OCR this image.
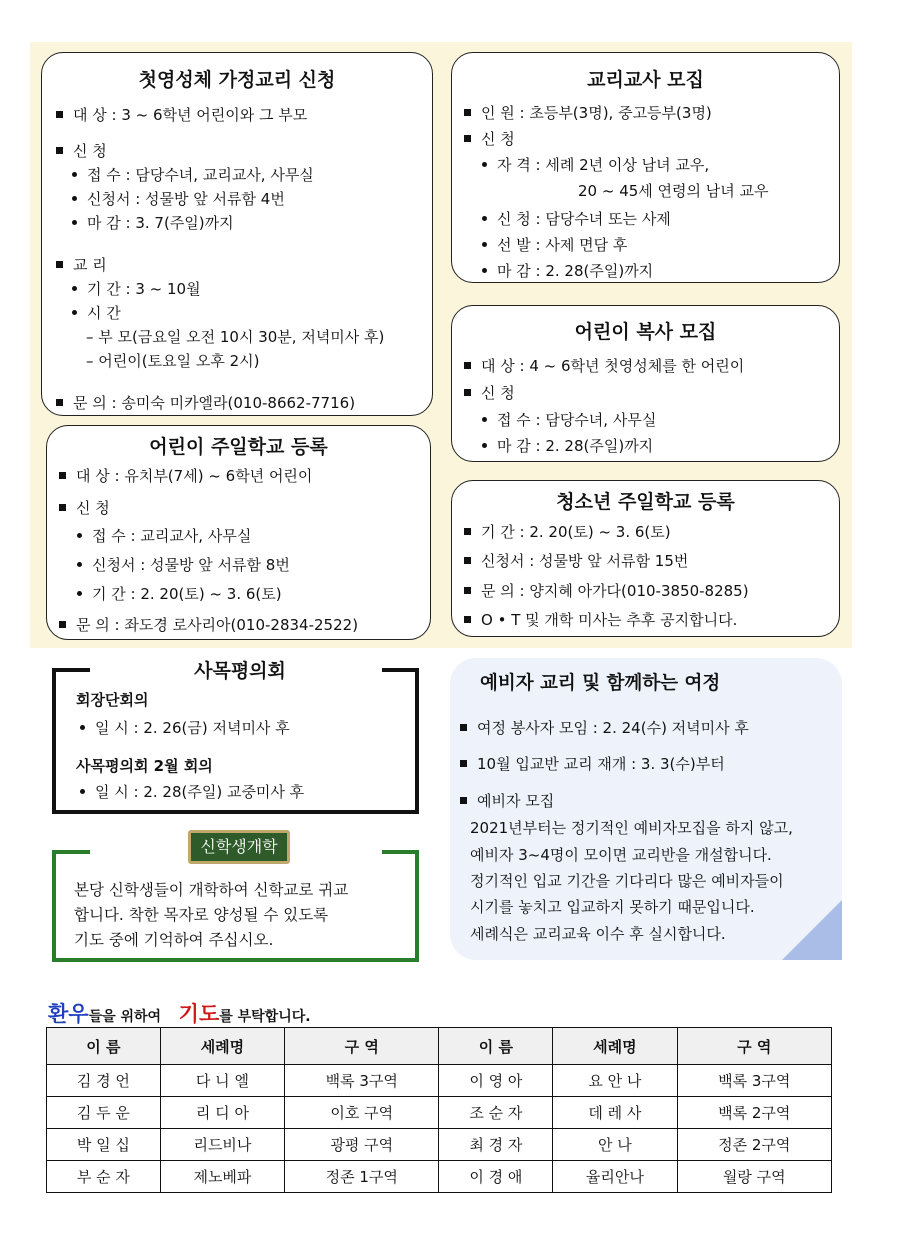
첫영성체 가정교리 신청
대 상 : 3 ~ 6학년 어린이와 그 부모
신 청
접 수 : 담당수녀, 교리교사, 사무실
신청서 : 성물방 앞 서류함 4번
마 감 : 3. 7(주일)까지
교 리
기 간 : 3 ~ 10월
시 간
– 부 모(금요일 오전 10시 30분, 저녁미사 후)
– 어린이(토요일 오후 2시)
문 의 : 송미숙 미카엘라(010-8662-7716)
교리교사 모집
인 원 : 초등부(3명), 중고등부(3명)
신 청
자 격 : 세례 2년 이상 남녀 교우,
20 ~ 45세 연령의 남녀 교우
신 청 : 담당수녀 또는 사제
선 발 : 사제 면담 후
마 감 : 2. 28(주일)까지
어린이 복사 모집
대 상 : 4 ~ 6학년 첫영성체를 한 어린이
신 청
접 수 : 담당수녀, 사무실
마 감 : 2. 28(주일)까지
어린이 주일학교 등록
대 상 : 유치부(7세) ~ 6학년 어린이
신 청
접 수 : 교리교사, 사무실
신청서 : 성물방 앞 서류함 8번
기 간 : 2. 20(토) ~ 3. 6(토)
문 의 : 좌도경 로사리아(010-2834-2522)
청소년 주일학교 등록
기 간 : 2. 20(토) ~ 3. 6(토)
신청서 : 성물방 앞 서류함 15번
문 의 : 양지혜 아가다(010-3850-8285)
O • T 및 개학 미사는 추후 공지합니다.
사목평의회
회장단회의
일 시 : 2. 26(금) 저녁미사 후
사목평의회 2월 회의
일 시 : 2. 28(주일) 교중미사 후
신학생개학
본당 신학생들이 개학하여 신학교로 귀교
합니다. 착한 목자로 양성될 수 있도록
기도 중에 기억하여 주십시오.
예비자 교리 및 함께하는 여정
여정 봉사자 모임 : 2. 24(수) 저녁미사 후
10월 입교반 교리 재개 : 3. 3(수)부터
예비자 모집
2021년부터는 정기적인 예비자모집을 하지 않고,
예비자 3~4명이 모이면 교리반을 개설합니다.
정기적인 입교 기간을 기다리다 많은 예비자들이
시기를 놓치고 입교하지 못하기 때문입니다.
세례식은 교리교육 이수 후 실시합니다.
환우들을 위하여 기도를 부탁합니다.
이 름	세례명	구 역	이 름	세례명	구 역
김 경 언	다 니 엘	백록 3구역	이 영 아	요 안 나	백록 3구역
김 두 운	리 디 아	이호 구역	조 순 자	데 레 사	백록 2구역
박 일 십	리드비나	광평 구역	최 경 자	안 나	정존 2구역
부 순 자	제노베파	정존 1구역	이 경 애	율리안나	월랑 구역
